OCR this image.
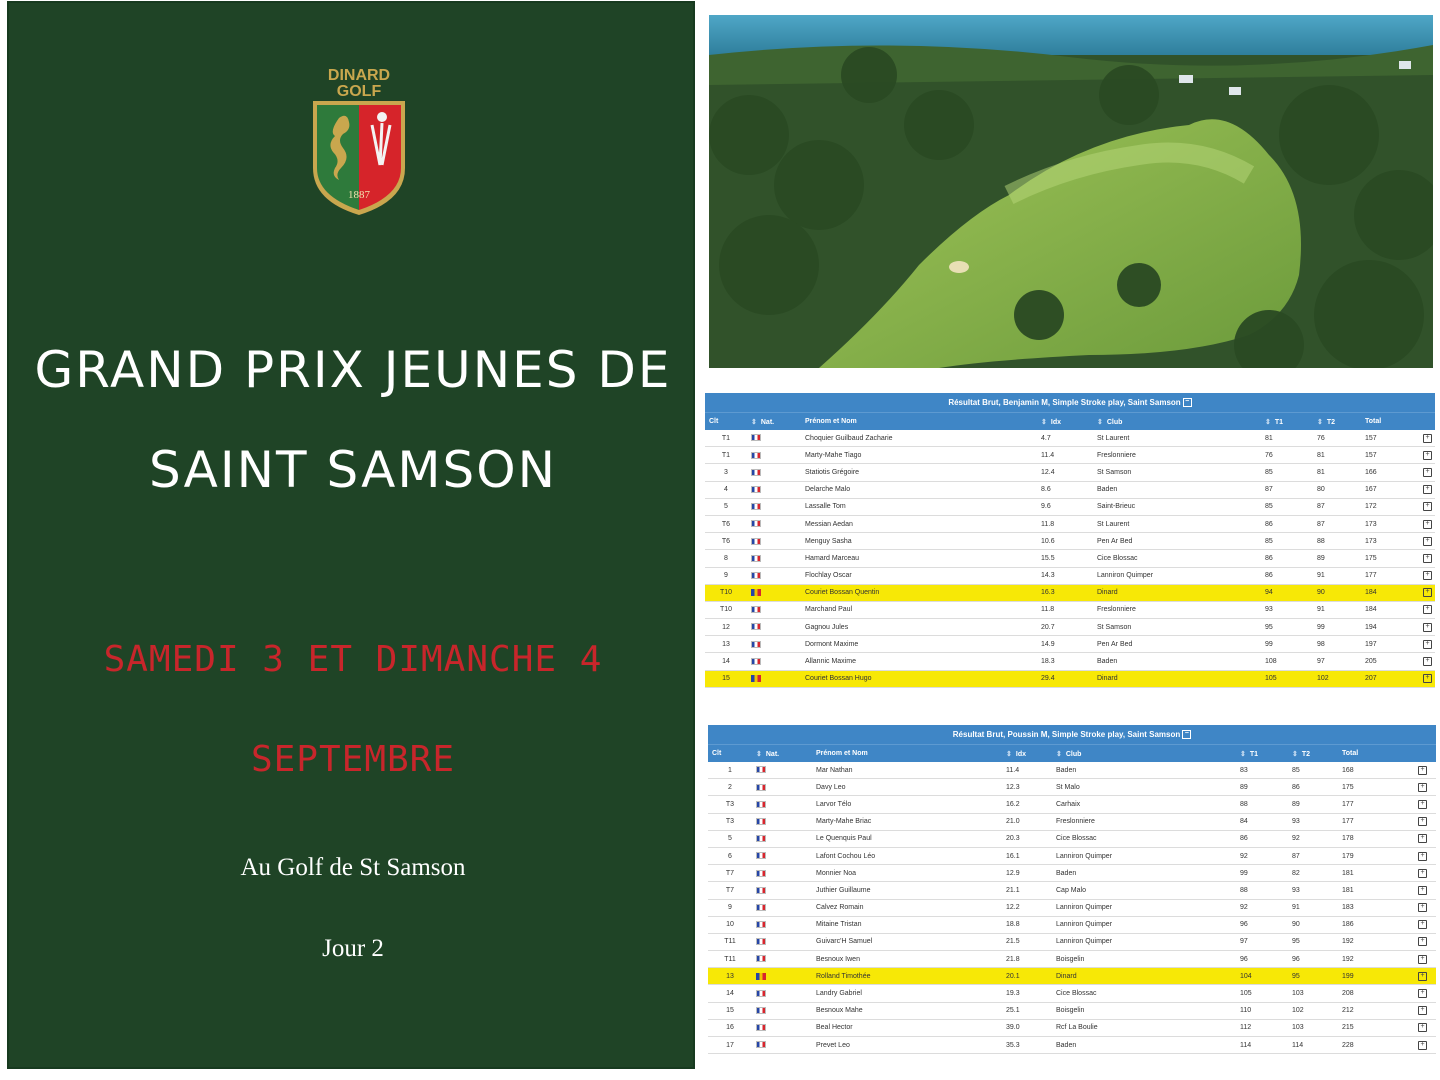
DINARD
GOLF
1887
GRAND PRIX JEUNES DE
SAINT SAMSON

SAMEDI 3 ET DIMANCHE 4

SEPTEMBRE

Au Golf de St Samson

Jour 2

Résultat Brut, Benjamin M, Simple Stroke play, Saint Samson −
Clt	⇕ Nat.	Prénom et Nom	⇕ Idx	⇕ Club	⇕ T1	⇕ T2	Total	
T1		Choquier Guilbaud Zacharie	4.7	St Laurent	81	76	157	+
T1		Marty-Mahe Tiago	11.4	Freslonniere	76	81	157	+
3		Statiotis Grégoire	12.4	St Samson	85	81	166	+
4		Delarche Malo	8.6	Baden	87	80	167	+
5		Lassalle Tom	9.6	Saint-Brieuc	85	87	172	+
T6		Messian Aedan	11.8	St Laurent	86	87	173	+
T6		Menguy Sasha	10.6	Pen Ar Bed	85	88	173	+
8		Hamard Marceau	15.5	Cice Blossac	86	89	175	+
9		Flochlay Oscar	14.3	Lanniron Quimper	86	91	177	+
T10		Couriet Bossan Quentin	16.3	Dinard	94	90	184	+
T10		Marchand Paul	11.8	Freslonniere	93	91	184	+
12		Gagnou Jules	20.7	St Samson	95	99	194	+
13		Dormont Maxime	14.9	Pen Ar Bed	99	98	197	+
14		Allannic Maxime	18.3	Baden	108	97	205	+
15		Couriet Bossan Hugo	29.4	Dinard	105	102	207	+
Résultat Brut, Poussin M, Simple Stroke play, Saint Samson −
Clt	⇕ Nat.	Prénom et Nom	⇕ Idx	⇕ Club	⇕ T1	⇕ T2	Total	
1		Mar Nathan	11.4	Baden	83	85	168	+
2		Davy Leo	12.3	St Malo	89	86	175	+
T3		Larvor Télo	16.2	Carhaix	88	89	177	+
T3		Marty-Mahe Briac	21.0	Freslonniere	84	93	177	+
5		Le Quenquis Paul	20.3	Cice Blossac	86	92	178	+
6		Lafont Cochou Léo	16.1	Lanniron Quimper	92	87	179	+
T7		Monnier Noa	12.9	Baden	99	82	181	+
T7		Juthier Guillaume	21.1	Cap Malo	88	93	181	+
9		Calvez Romain	12.2	Lanniron Quimper	92	91	183	+
10		Mitaine Tristan	18.8	Lanniron Quimper	96	90	186	+
T11		Guivarc'H Samuel	21.5	Lanniron Quimper	97	95	192	+
T11		Besnoux Iwen	21.8	Boisgelin	96	96	192	+
13		Rolland Timothée	20.1	Dinard	104	95	199	+
14		Landry Gabriel	19.3	Cice Blossac	105	103	208	+
15		Besnoux Mahe	25.1	Boisgelin	110	102	212	+
16		Beal Hector	39.0	Rcf La Boulie	112	103	215	+
17		Prevet Leo	35.3	Baden	114	114	228	+
